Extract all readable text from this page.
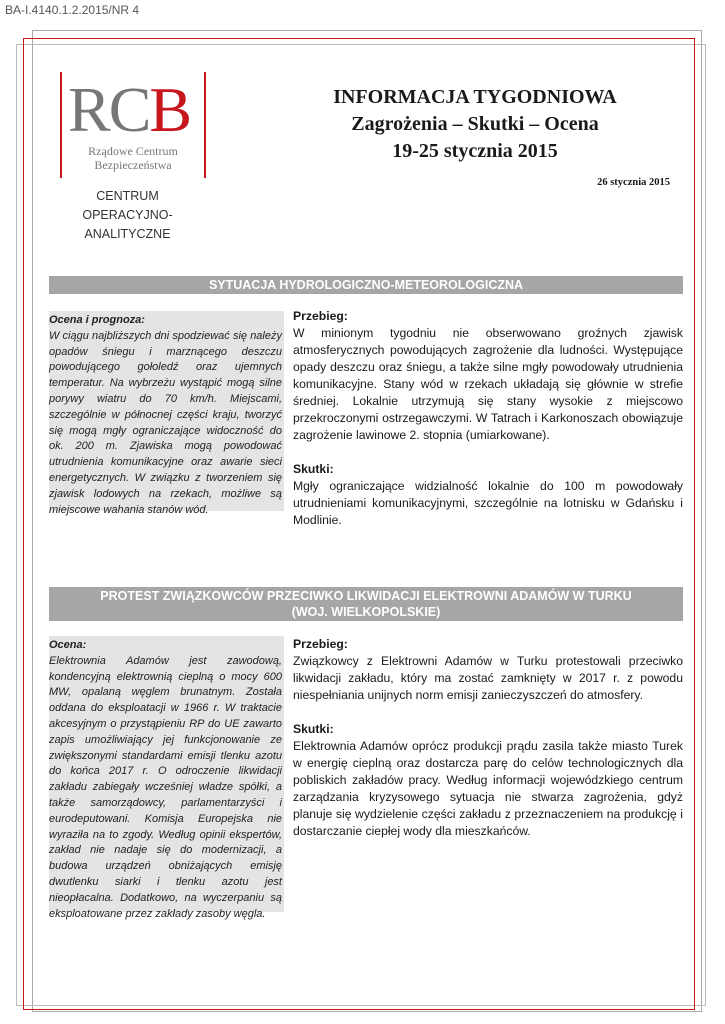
BA-I.4140.1.2.2015/NR 4
RCB
Rządowe Centrum
Bezpieczeństwa
CENTRUM
OPERACYJNO-ANALITYCZNE
INFORMACJA TYGODNIOWA
Zagrożenia – Skutki – Ocena
19-25 stycznia 2015
26 stycznia 2015
SYTUACJA HYDROLOGICZNO-METEOROLOGICZNA
Ocena i prognoza:
W ciągu najbliższych dni spodziewać się należy opadów śniegu i marznącego deszczu powodującego gołoledź oraz ujemnych temperatur. Na wybrzeżu wystąpić mogą silne porywy wiatru do 70 km/h. Miejscami, szczególnie w północnej części kraju, tworzyć się mogą mgły ograniczające widoczność do ok. 200 m. Zjawiska mogą powodować utrudnienia komunikacyjne oraz awarie sieci energetycznych. W związku z tworzeniem się zjawisk lodowych na rzekach, możliwe są miejscowe wahania stanów wód.

Przebieg:

W minionym tygodniu nie obserwowano groźnych zjawisk atmosferycznych powodujących zagrożenie dla ludności. Występujące opady deszczu oraz śniegu, a także silne mgły powodowały utrudnienia komunikacyjne. Stany wód w rzekach układają się głównie w strefie średniej. Lokalnie utrzymują się stany wysokie z miejscowo przekroczonymi ostrzegawczymi. W Tatrach i Karkonoszach obowiązuje zagrożenie lawinowe 2. stopnia (umiarkowane).

Skutki:

Mgły ograniczające widzialność lokalnie do 100 m powodowały utrudnieniami komunikacyjnymi, szczególnie na lotnisku w Gdańsku i Modlinie.

PROTEST ZWIĄZKOWCÓW PRZECIWKO LIKWIDACJI ELEKTROWNI ADAMÓW W TURKU
(WOJ. WIELKOPOLSKIE)
Ocena:
Elektrownia Adamów jest zawodową, kondencyjną elektrownią cieplną o mocy 600 MW, opalaną węglem brunatnym. Została oddana do eksploatacji w 1966 r. W traktacie akcesyjnym o przystąpieniu RP do UE zawarto zapis umożliwiający jej funkcjonowanie ze zwiększonymi standardami emisji tlenku azotu do końca 2017 r. O odroczenie likwidacji zakładu zabiegały wcześniej władze spółki, a także samorządowcy, parlamentarzyści i eurodeputowani. Komisja Europejska nie wyraziła na to zgody. Według opinii ekspertów, zakład nie nadaje się do modernizacji, a budowa urządzeń obniżających emisję dwutlenku siarki i tlenku azotu jest nieopłacalna. Dodatkowo, na wyczerpaniu są eksploatowane przez zakłady zasoby węgla.

Przebieg:

Związkowcy z Elektrowni Adamów w Turku protestowali przeciwko likwidacji zakładu, który ma zostać zamknięty w 2017 r. z powodu niespełniania unijnych norm emisji zanieczyszczeń do atmosfery.

Skutki:

Elektrownia Adamów oprócz produkcji prądu zasila także miasto Turek w energię cieplną oraz dostarcza parę do celów technologicznych dla pobliskich zakładów pracy. Według informacji wojewódzkiego centrum zarządzania kryzysowego sytuacja nie stwarza zagrożenia, gdyż planuje się wydzielenie części zakładu z przeznaczeniem na produkcję i dostarczanie ciepłej wody dla mieszkańców.
